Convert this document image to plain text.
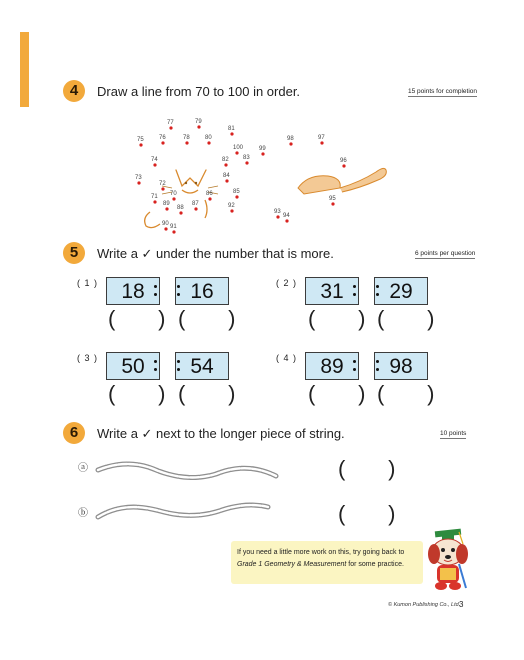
4	Draw a line from 70 to 100 in order.	15 points for completion
70
71
72
73
74
75	76
77
78
79
80
81
82 83
84
85
86
87
88
89
90 91
92
93
94
95
96
97
98
99
100
5	Write a ✓ under the number that is more.	6 points per question
( 1 )	18	16
(       ) (       )
( 2 )	31	29
(       ) (       )
( 3 )	50	54
(       ) (       )
( 4 )	89	98
(       ) (       )
6	Write a ✓ next to the longer piece of string.	10 points
ⓐ
ⓑ
(       )
(       )
If you need a little more work on this, try going back to
Grade 1 Geometry & Measurement for some practice.
© Kumon Publishing Co., Ltd.
3
